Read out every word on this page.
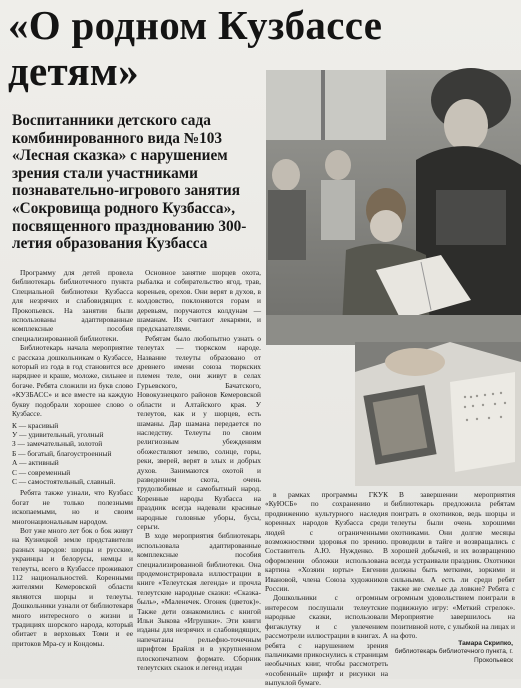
«О родном Кузбассе детям»
Воспитанники детского сада комбинированного вида №103 «Лесная сказка» с нарушением зрения стали участниками познавательно-игрового занятия «Сокровища родного Кузбасса», посвященного празднованию 300-летия образования Кузбасса
Программу для детей провела библиотекарь библиотечного пункта Специальной библиотеки Кузбасса для незрячих и слабовидящих г. Прокопьевск. На занятии были использованы адаптированные комплексные пособия специализированной библиотеки.
Библиотекарь начала мероприятие с рассказа дошкольникам о Кузбассе, который из года в год становится все наряднее и краше, моложе, сильнее и богаче. Ребята сложили из букв слово «КУЗБАСС» и все вместе на каждую букву подобрали хорошее слово о Кузбассе.
К — красивый
У — удивительный, уголный
З — замечательный, золотой
Б — богатый, благоустроенный
А — активный
С — современный
С — самостоятельный, славный.
Ребята также узнали, что Кузбасс богат не только полезными ископаемыми, но и своим многонациональным народом.
Вот уже много лет бок о бок живут на Кузнецкой земле представители разных народов: шорцы и русские, украинцы и белорусы, немцы и телеуты, всего в Кузбассе проживают 112 национальностей. Коренными жителями Кемеровской области являются шорцы и телеуты. Дошкольники узнали от библиотекаря много интересного о жизни и традициях шорского народа, который обитает в верховьях Томи и ее притоков Мра-су и Кондомы.
Основное занятие шорцев охота, рыбалка и собирательство ягод, трав, кореньев, орехов. Они верят в духов, в колдовство, поклоняются горам и деревьям, поручаются колдунам — шаманам. Их считают лекарями, и предсказателями.
Ребятам было любопытно узнать о телеутах — тюркском народе. Название телеуты образовано от древнего имени союза тюркских племен теле, они живут в селах Гурьевского, Бачатского, Новокузнецкого районов Кемеровской области и Алтайского края. У телеутов, как и у шорцев, есть шаманы. Дар шамана передается по наследству. Телеуты по своим религиозным убеждениям обожествляют землю, солнце, горы, реки, зверей, верят в злых и добрых духов. Занимаются охотой и разведением скота, очень трудолюбивые и самобытный народ. Коренные народы Кузбасса на праздник всегда надевали красивые народные головные уборы, бусы, серьги.
В ходе мероприятия библиотекарь использовала адаптированные комплексные пособия специализированной библиотеки. Она продемонстрировала иллюстрации в книге «Телеутская легенда» и прочла телеутские народные сказки: «Сказка-быль», «Маленечек. Огонек (цветок)». Также дети ознакомились с книгой Ильи Зыкова «Игрушки». Эти книги изданы для незрячих и слабовидящих, напечатаны рельефно-точечным шрифтом Брайля и в укрупненном плоскопечатном формате. Сборник телеутских сказок и легенд издан
в рамках программы ГКУК «КуЮСБ» по сохранению и продвижению культурного наследия коренных народов Кузбасса среди людей с ограниченными возможностями здоровья по зрению. Составитель А.Ю. Нужденко. В оформлении обложки использована картина «Хозяин юрты» Евгении Ивановой, члена Союза художников России.
Дошкольники с огромным интересом послушали телеутские народные сказки, использовали фигаклутку и с увлечением рассмотрели иллюстрации в книгах. А ребята с нарушением зрения пальчиками прикоснулись к страницам необычных книг, чтобы рассмотреть «особенный» шрифт и рисунки на выпуклой бумаге.
В завершении мероприятия библиотекарь предложила ребятам поиграть в охотников, ведь шорцы и телеуты были очень хорошими охотниками. Они долгие месяцы проводили в тайге и возвращались с хорошей добычей, и их возвращению всегда устраивали праздник. Охотники должны быть меткими, зоркими и сильными. А есть ли среди ребят также же смелые да ловкие? Ребята с огромным удовольствием поиграли в подвижную игру: «Меткий стрелок». Мероприятие завершилось на позитивной ноте, с улыбкой на лицах и на фото.
Тамара Скрипко,
библиотекарь библиотечного пункта, г. Прокопьевск
